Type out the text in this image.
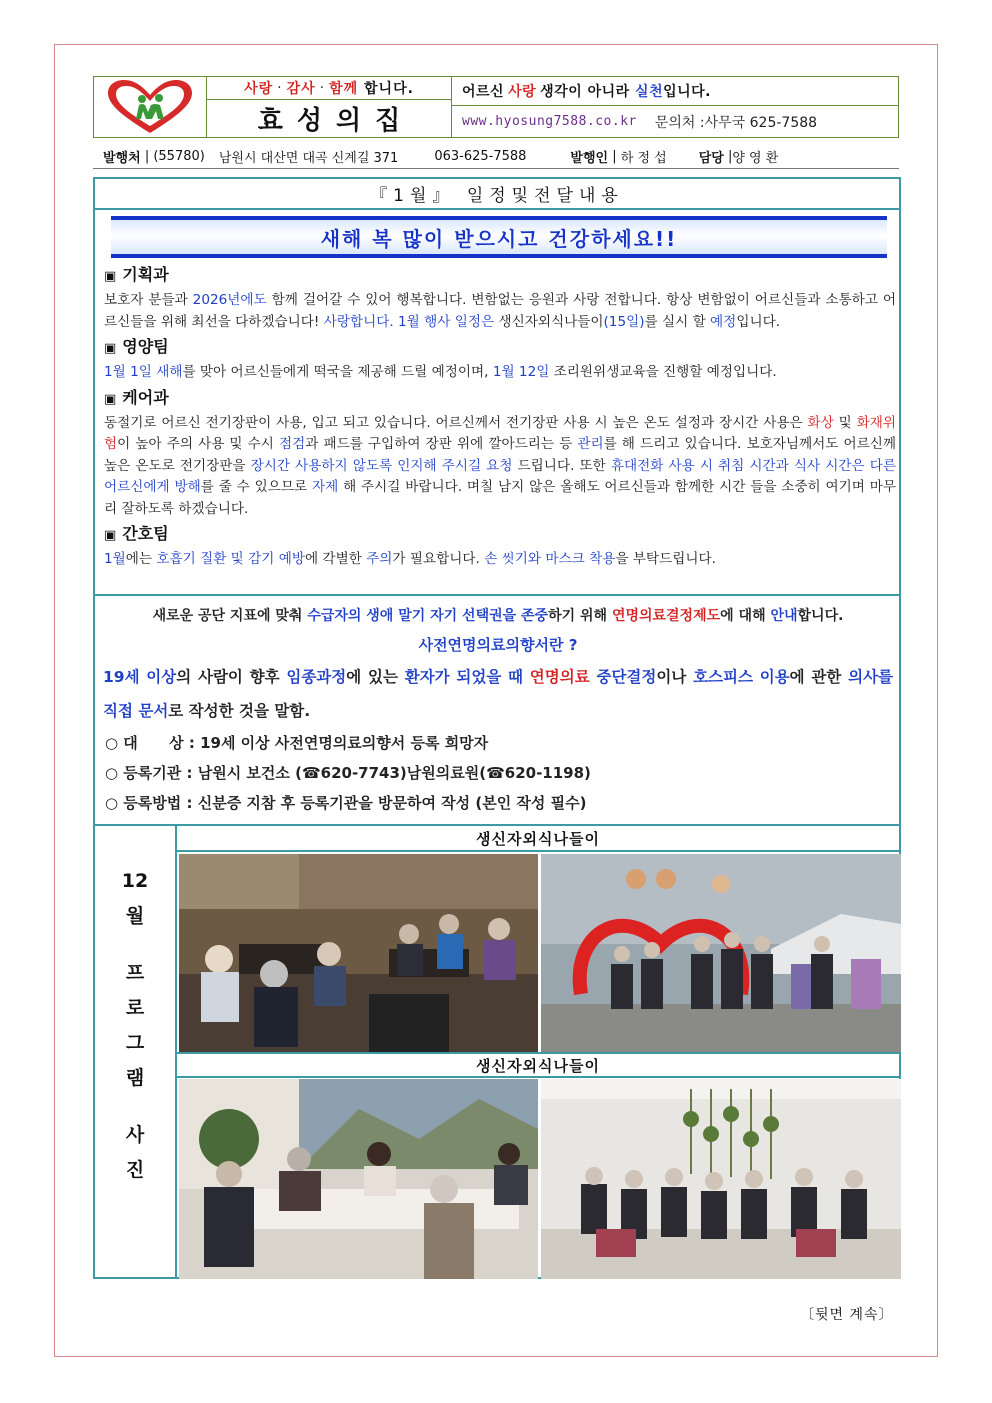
사랑 · 감사 · 함께
합니다.
효성의집
어르신 사랑 생각이 아니라
실천 입니다.
www.hyosung7588.co.kr 문의처 :사무국 625-7588
발행처 | (55780) 남원시 대산면 대곡 신계길 371	063-625-7588	발행인 | 하 정 섭 담당 | 양 영 환
『1월』 일정및전달내용
새해 복 많이 받으시고 건강하세요!!
▣ 기획과

보호자 분들과 2026년에도 함께 걸어갈 수 있어 행복합니다. 변함없는 응원과 사랑 전합니다. 항상 변함없이 어르신들과 소통하고 어르신들을 위해 최선을 다하겠습니다! 사랑합니다. 1월 행사 일정은 생신자외식나들이(15일)를 실시 할 예정입니다.

▣ 영양팀

1월 1일 새해를 맞아 어르신들에게 떡국을 제공해 드릴 예정이며, 1월 12일 조리원위생교육을 진행할 예정입니다.

▣ 케어과

동절기로 어르신 전기장판이 사용, 입고 되고 있습니다. 어르신께서 전기장판 사용 시 높은 온도 설정과 장시간 사용은 화상 및 화재위험이 높아 주의 사용 및 수시 점검과 패드를 구입하여 장판 위에 깔아드리는 등 관리를 해 드리고 있습니다. 보호자님께서도 어르신께 높은 온도로 전기장판을 장시간 사용하지 않도록 인지해 주시길 요청 드립니다. 또한 휴대전화 사용 시 취침 시간과 식사 시간은 다른 어르신에게 방해를 줄 수 있으므로 자제 해 주시길 바랍니다. 며칠 남지 않은 올해도 어르신들과 함께한 시간 들을 소중히 여기며 마무리 잘하도록 하겠습니다.

▣ 간호팀

1월에는 호흡기 질환 및 감기 예방에 각별한 주의가 필요합니다. 손 씻기와 마스크 착용을 부탁드립니다.

새로운 공단 지표에 맞춰 수급자의 생애 말기 자기 선택권을 존중하기 위해 연명의료결정제도에 대해 안내합니다.
사전연명의료의향서란 ?
19세 이상의 사람이 향후 임종과정에 있는 환자가 되었을 때 연명의료 중단결정이나 호스피스 이용에 관한 의사를 직접 문서로 작성한 것을 말함.
○ 대      상 : 19세 이상 사전연명의료의향서 등록 희망자
○ 등록기관 : 남원시 보건소 (☎620-7743)남원의료원(☎620-1198)
○ 등록방법 : 신분증 지참 후 등록기관을 방문하여 작성 (본인 작성 필수)
12
월
프
로
그
램
사
진
생신자외식나들이
생신자외식나들이
〔뒷면 계속〕
